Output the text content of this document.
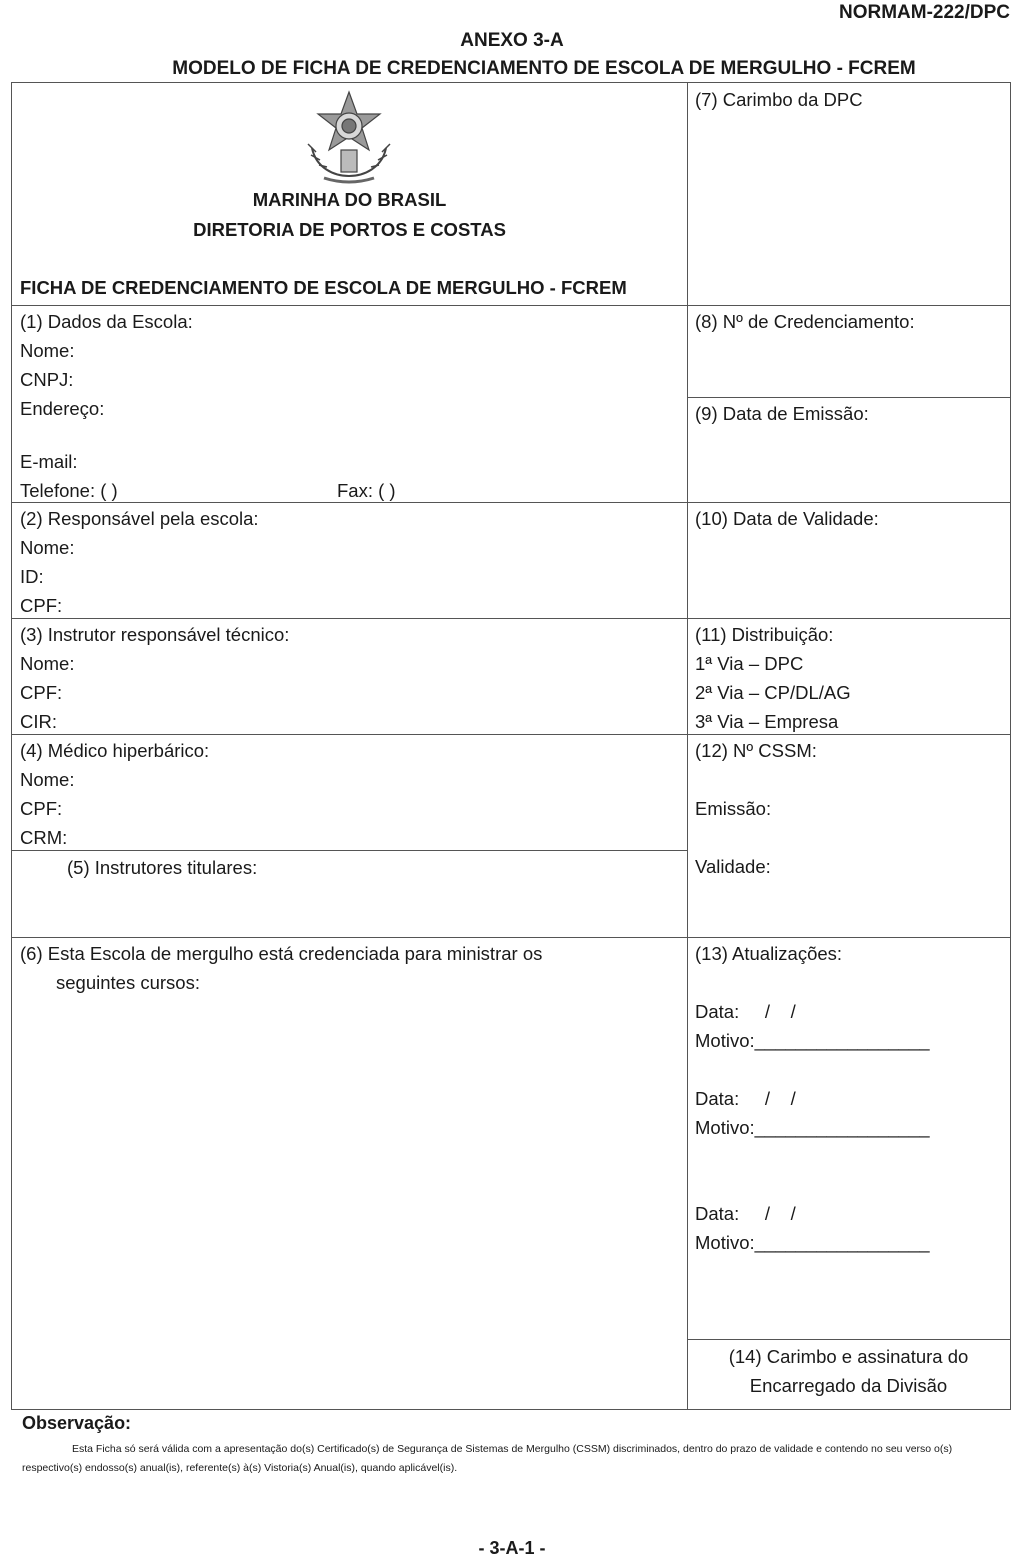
NORMAM-222/DPC
ANEXO 3-A
MODELO DE FICHA DE CREDENCIAMENTO DE ESCOLA DE MERGULHO - FCREM
MARINHA DO BRASIL
DIRETORIA DE PORTOS E COSTAS
FICHA DE CREDENCIAMENTO DE ESCOLA DE MERGULHO - FCREM
(1) Dados da Escola:
Nome:
CNPJ:
Endereço:
E-mail:
Telefone: ( )	Fax: ( )
(2) Responsável pela escola:
Nome:
ID:
CPF:
(3) Instrutor responsável técnico:
Nome:
CPF:
CIR:
(4) Médico hiperbárico:
Nome:
CPF:
CRM:
(5) Instrutores titulares:
(6) Esta Escola de mergulho está credenciada para ministrar os
seguintes cursos:
(7) Carimbo da DPC
(8) Nº de Credenciamento:
(9) Data de Emissão:
(10) Data de Validade:
(11) Distribuição:
1ª Via – DPC
2ª Via – CP/DL/AG
3ª Via – Empresa
(12) Nº CSSM:
Emissão:
Validade:
(13) Atualizações:
Data:     /    /
Motivo:_________________
Data:     /    /
Motivo:_________________
Data:     /    /
Motivo:_________________
(14) Carimbo e assinatura do
Encarregado da Divisão
Observação:
Esta Ficha só será válida com a apresentação do(s) Certificado(s) de Segurança de Sistemas de Mergulho (CSSM) discriminados, dentro do prazo de validade e contendo no seu verso o(s) respectivo(s) endosso(s) anual(is), referente(s) à(s) Vistoria(s) Anual(is), quando aplicável(is).
- 3-A-1 -
